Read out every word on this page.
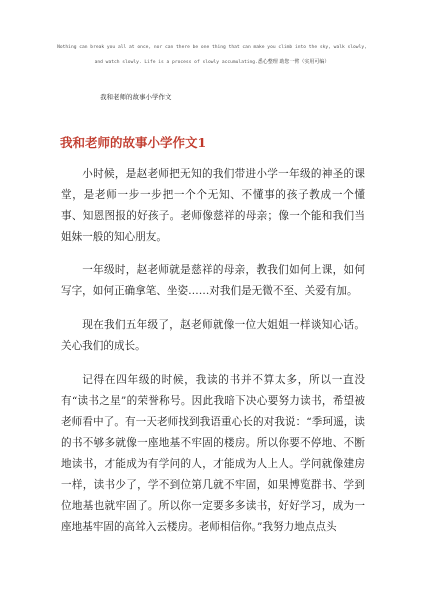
Nothing can break you all at once, nor can there be one thing that can make you climb into the sky, walk slowly,
and watch slowly. Life is a process of slowly accumulating.悉心整理 助您一臂（实用可编）
我和老师的故事小学作文
我和老师的故事小学作文1

小时候，是赵老师把无知的我们带进小学一年级的神圣的课堂，是老师一步一步把一个个无知、不懂事的孩子教成一个懂事、知恩图报的好孩子。老师像慈祥的母亲；像一个能和我们当姐妹一般的知心朋友。

一年级时，赵老师就是慈祥的母亲，教我们如何上课，如何写字，如何正确拿笔、坐姿……对我们是无微不至、关爱有加。

现在我们五年级了，赵老师就像一位大姐姐一样谈知心话。关心我们的成长。

记得在四年级的时候，我读的书并不算太多，所以一直没有“读书之星”的荣誉称号。因此我暗下决心要努力读书，希望被老师看中了。有一天老师找到我语重心长的对我说：“季珂遥，读的书不够多就像一座地基不牢固的楼房。所以你要不停地、不断地读书，才能成为有学问的人，才能成为人上人。学问就像建房一样，读书少了，学不到位第几就不牢固，如果博览群书、学到位地基也就牢固了。所以你一定要多多读书，好好学习，成为一座地基牢固的高耸入云楼房。老师相信你。”我努力地点点头
